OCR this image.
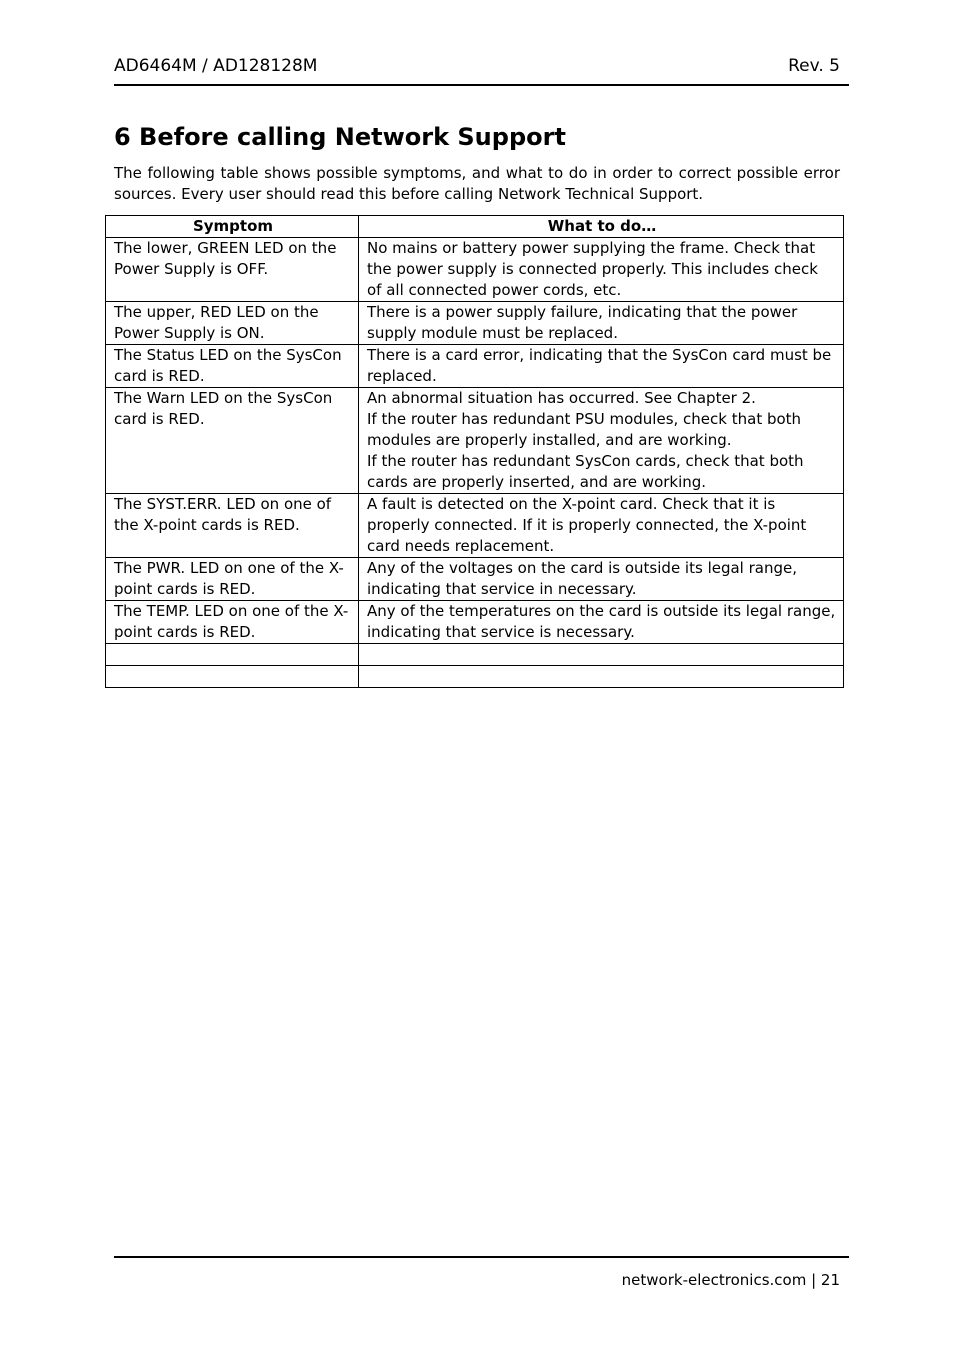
AD6464M / AD128128M	Rev. 5
6 Before calling Network Support

The following table shows possible symptoms, and what to do in order to correct possible error sources. Every user should read this before calling Network Technical Support.

Symptom	What to do…
The lower, GREEN LED on the Power Supply is OFF.	No mains or battery power supplying the frame. Check that the power supply is connected properly. This includes check of all connected power cords, etc.

The upper, RED LED on the Power Supply is ON.	There is a power supply failure, indicating that the power supply module must be replaced.

The Status LED on the SysCon card is RED.	There is a card error, indicating that the SysCon card must be replaced.

The Warn LED on the SysCon card is RED.	An abnormal situation has occurred. See Chapter 2.
If the router has redundant PSU modules, check that both modules are properly installed, and are working.
If the router has redundant SysCon cards, check that both cards are properly inserted, and are working.

The SYST.ERR. LED on one of the X-point cards is RED.	A fault is detected on the X-point card. Check that it is properly connected. If it is properly connected, the X-point card needs replacement.

The PWR. LED on one of the X-point cards is RED.	Any of the voltages on the card is outside its legal range, indicating that service in necessary.

The TEMP. LED on one of the X-point cards is RED.	Any of the temperatures on the card is outside its legal range, indicating that service is necessary.

network-electronics.com | 21
